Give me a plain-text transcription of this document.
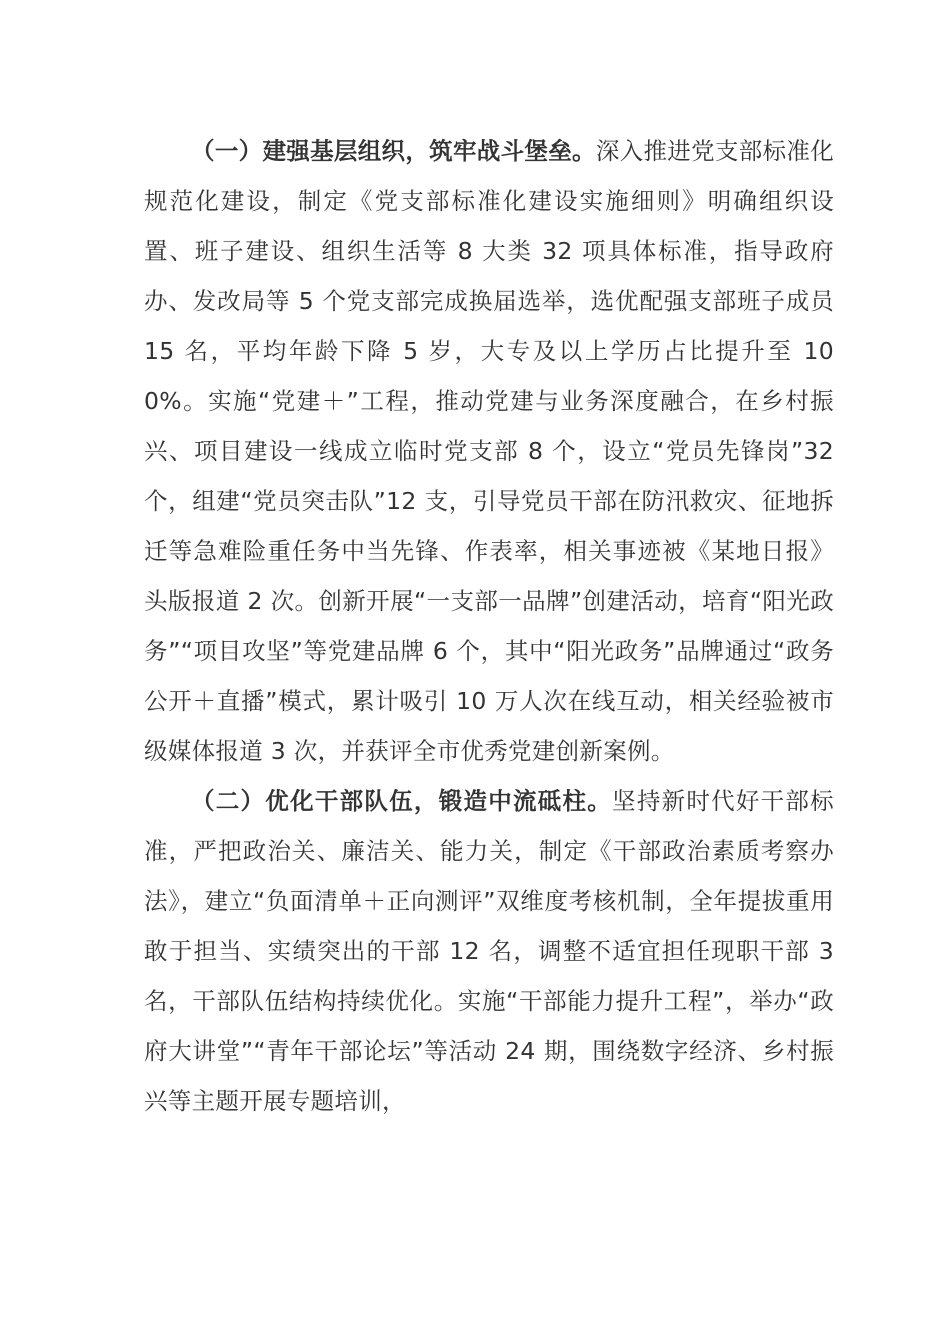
（一）建强基层组织，筑牢战斗堡垒。深入推进党支部标准化规范化建设，制定《党支部标准化建设实施细则》明确组织设置、班子建设、组织生活等 8 大类 32 项具体标准，指导政府办、发改局等 5 个党支部完成换届选举，选优配强支部班子成员 15 名，平均年龄下降 5 岁，大专及以上学历占比提升至 100%。实施“党建＋”工程，推动党建与业务深度融合，在乡村振兴、项目建设一线成立临时党支部 8 个，设立“党员先锋岗”32 个，组建“党员突击队”12 支，引导党员干部在防汛救灾、征地拆迁等急难险重任务中当先锋、作表率，相关事迹被《某地日报》头版报道 2 次。创新开展“一支部一品牌”创建活动，培育“阳光政务”“项目攻坚”等党建品牌 6 个，其中“阳光政务”品牌通过“政务公开＋直播”模式，累计吸引 10 万人次在线互动，相关经验被市级媒体报道 3 次，并获评全市优秀党建创新案例。

（二）优化干部队伍，锻造中流砥柱。坚持新时代好干部标准，严把政治关、廉洁关、能力关，制定《干部政治素质考察办法》，建立“负面清单＋正向测评”双维度考核机制，全年提拔重用敢于担当、实绩突出的干部 12 名，调整不适宜担任现职干部 3 名，干部队伍结构持续优化。实施“干部能力提升工程”，举办“政府大讲堂”“青年干部论坛”等活动 24 期，围绕数字经济、乡村振兴等主题开展专题培训，
